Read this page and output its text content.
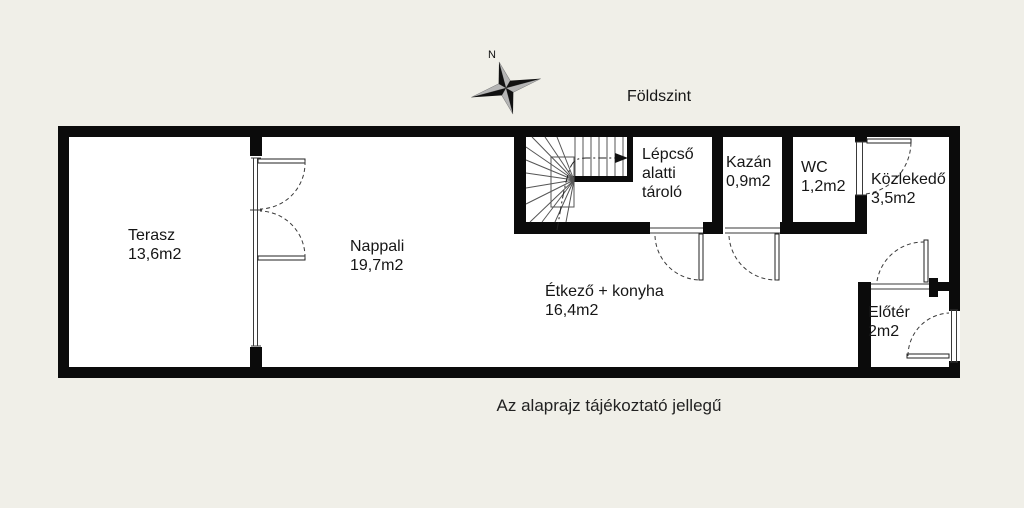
N
Földszint
Terasz
13,6m2	Nappali
19,7m2
Étkező + konyha
16,4m2
Lépcső alatti tároló
Kazán
0,9m2
WC
1,2m2 Közlekedő
3,5m2
Előtér
2m2
Az alaprajz tájékoztató jellegű
